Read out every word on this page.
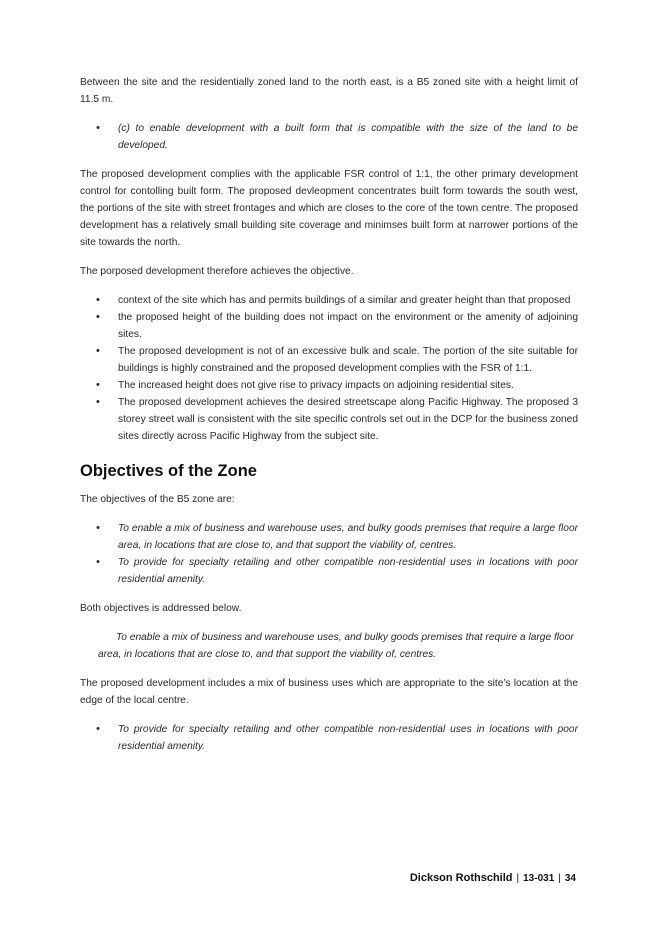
Between the site and the residentially zoned land to the north east, is a B5 zoned site with a height limit of 11.5 m.

• (c) to enable development with a built form that is compatible with the size of the land to be developed.

The proposed development complies with the applicable FSR control of 1:1, the other primary development control for contolling built form. The proposed devleopment concentrates built form towards the south west, the portions of the site with street frontages and which are closes to the core of the town centre. The proposed development has a relatively small building site coverage and minimses built form at narrower portions of the site towards the north.

The porposed development therefore achieves the objective.

• context of the site which has and permits buildings of a similar and greater height than that proposed
• the proposed height of the building does not impact on the environment or the amenity of adjoining sites.
• The proposed development is not of an excessive bulk and scale. The portion of the site suitable for buildings is highly constrained and the proposed development complies with the FSR of 1:1.
• The increased height does not give rise to privacy impacts on adjoining residential sites.
• The proposed development achieves the desired streetscape along Pacific Highway. The proposed 3 storey street wall is consistent with the site specific controls set out in the DCP for the business zoned sites directly across Pacific Highway from the subject site.
Objectives of the Zone

The objectives of the B5 zone are:

• To enable a mix of business and warehouse uses, and bulky goods premises that require a large floor area, in locations that are close to, and that support the viability of, centres.
• To provide for specialty retailing and other compatible non-residential uses in locations with poor residential amenity.

Both objectives is addressed below.

To enable a mix of business and warehouse uses, and bulky goods premises that require a large floor area, in locations that are close to, and that support the viability of, centres.

The proposed development includes a mix of business uses which are appropriate to the site’s location at the edge of the local centre.

• To provide for specialty retailing and other compatible non-residential uses in locations with poor residential amenity.
Dickson Rothschild | 13-031 | 34
